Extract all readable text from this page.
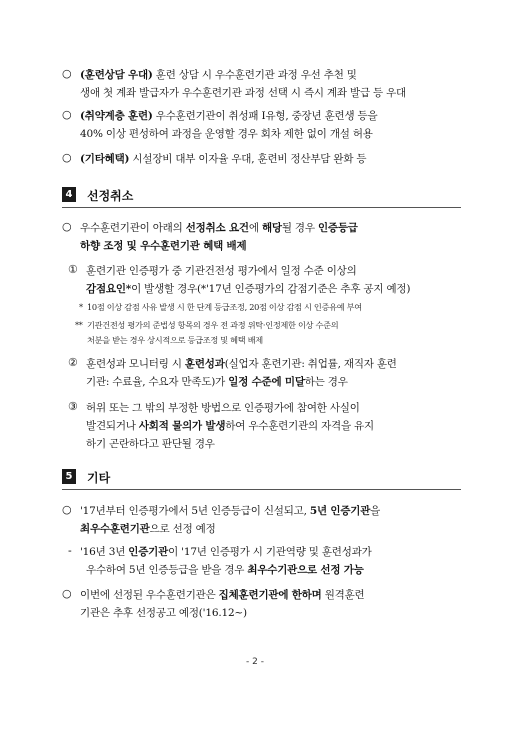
○ (훈련상담 우대) 훈련 상담 시 우수훈련기관 과정 우선 추천 및
생애 첫 계좌 발급자가 우수훈련기관 과정 선택 시 즉시 계좌 발급 등 우대
○ (취약계층 훈련) 우수훈련기관이 취성패 Ⅰ유형, 중장년 훈련생 등을
40% 이상 편성하여 과정을 운영할 경우 회차 제한 없이 개설 허용
○ (기타혜택) 시설장비 대부 이자율 우대, 훈련비 정산부담 완화 등
4 선정취소
○ 우수훈련기관이 아래의 선정취소 요건에 해당될 경우 인증등급
하향 조정 및 우수훈련기관 혜택 배제
① 훈련기관 인증평가 중 기관건전성 평가에서 일정 수준 이상의
감점요인*이 발생할 경우(*'17년 인증평가의 감점기준은 추후 공지 예정)
* 10점 이상 감점 사유 발생 시 한 단계 등급조정, 20점 이상 감점 시 인증유예 부여
** 기관건전성 평가의 준법성 항목의 경우 전 과정 위탁·인정제한 이상 수준의
처분을 받는 경우 상시적으로 등급조정 및 혜택 배제
② 훈련성과 모니터링 시 훈련성과(실업자 훈련기관: 취업률, 재직자 훈련
기관: 수료율, 수요자 만족도)가 일정 수준에 미달하는 경우
③ 허위 또는 그 밖의 부정한 방법으로 인증평가에 참여한 사실이
발견되거나 사회적 물의가 발생하여 우수훈련기관의 자격을 유지
하기 곤란하다고 판단될 경우
5 기타
○ '17년부터 인증평가에서 5년 인증등급이 신설되고, 5년 인증기관을
최우수훈련기관으로 선정 예정
- '16년 3년 인증기관이 '17년 인증평가 시 기관역량 및 훈련성과가
우수하여 5년 인증등급을 받을 경우 최우수기관으로 선정 가능
○ 이번에 선정된 우수훈련기관은 집체훈련기관에 한하며 원격훈련
기관은 추후 선정공고 예정('16.12~)
- 2 -
